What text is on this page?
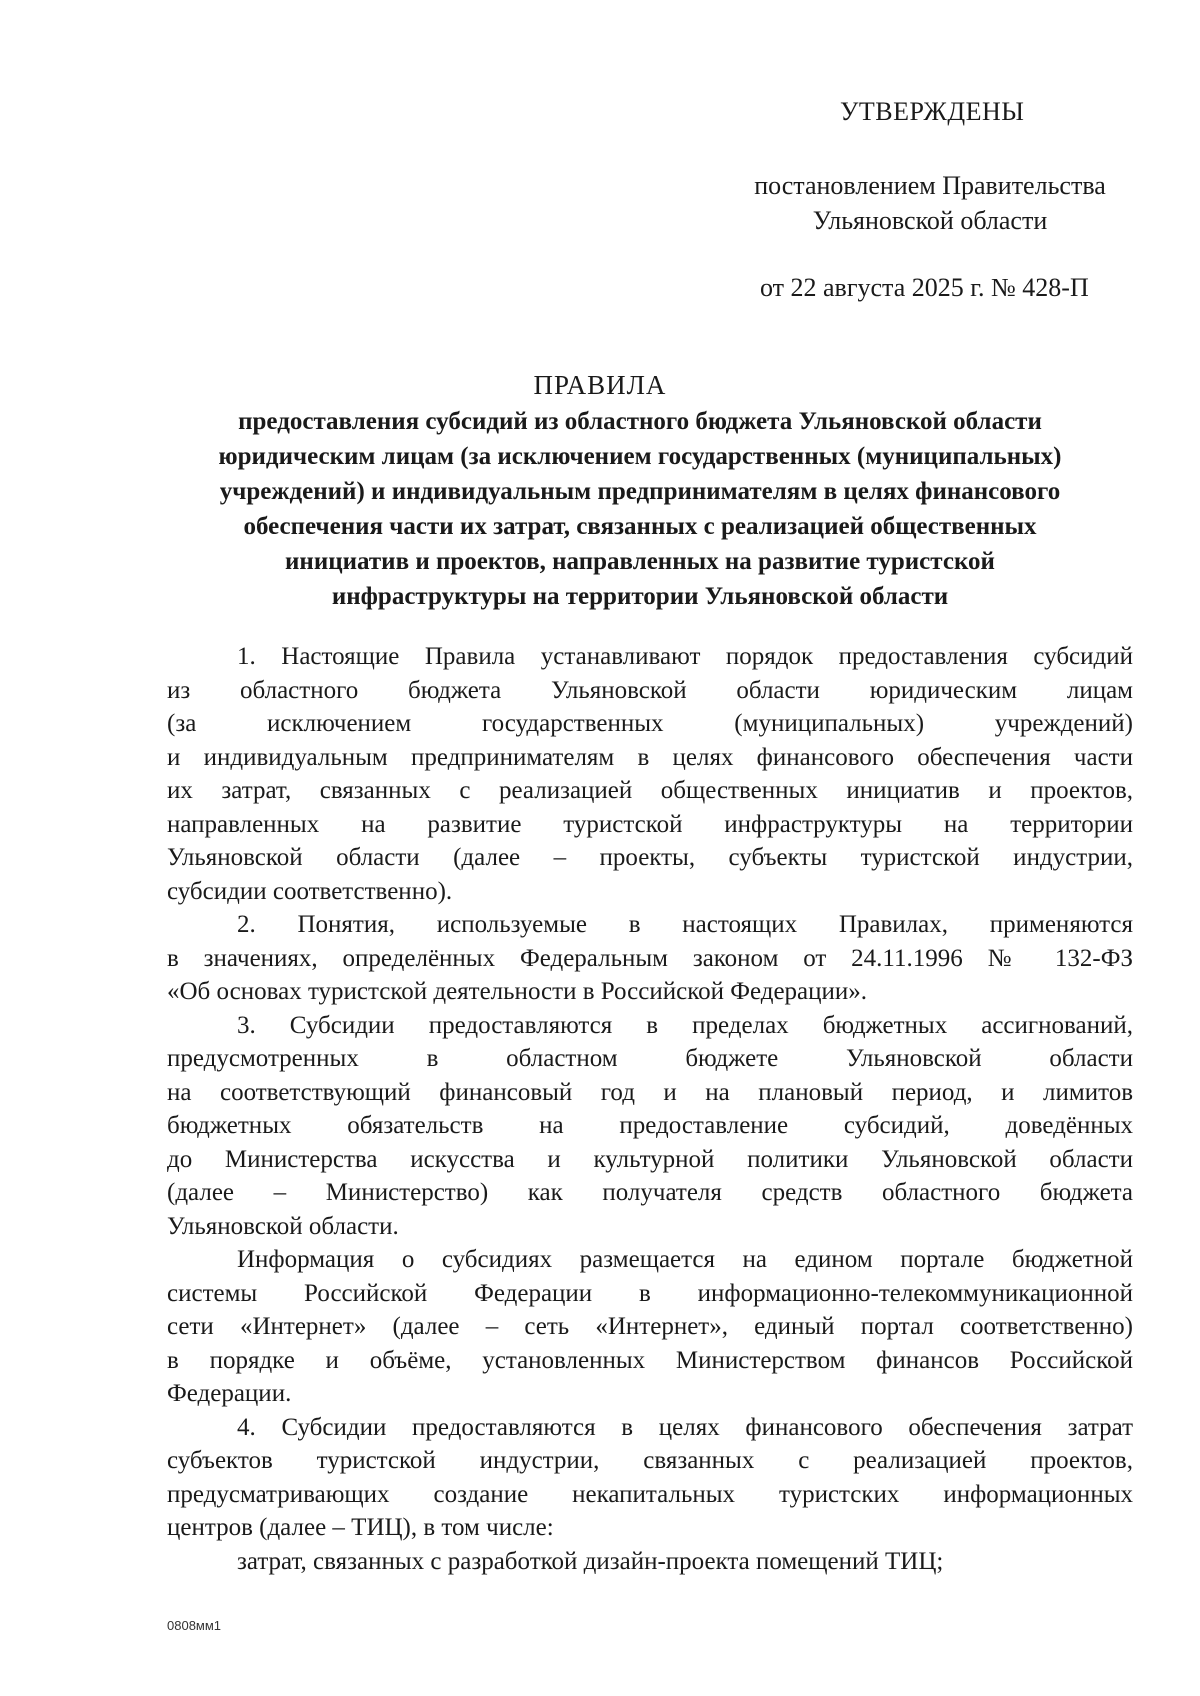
УТВЕРЖДЕНЫ
постановлением Правительства
Ульяновской области
от 22 августа 2025 г. № 428-П
ПРАВИЛА
предоставления субсидий из областного бюджета Ульяновской области
юридическим лицам (за исключением государственных (муниципальных)
учреждений) и индивидуальным предпринимателям в целях финансового
обеспечения части их затрат, связанных с реализацией общественных
инициатив и проектов, направленных на развитие туристской
инфраструктуры на территории Ульяновской области
1. Настоящие Правила устанавливают порядок предоставления субсидий
из областного бюджета Ульяновской области юридическим лицам
(за исключением государственных (муниципальных) учреждений)
и индивидуальным предпринимателям в целях финансового обеспечения части
их затрат, связанных с реализацией общественных инициатив и проектов,
направленных на развитие туристской инфраструктуры на территории
Ульяновской области (далее – проекты, субъекты туристской индустрии,
субсидии соответственно).
2. Понятия, используемые в настоящих Правилах, применяются
в значениях, определённых Федеральным законом от 24.11.1996 № 132-ФЗ
«Об основах туристской деятельности в Российской Федерации».
3. Субсидии предоставляются в пределах бюджетных ассигнований,
предусмотренных в областном бюджете Ульяновской области
на соответствующий финансовый год и на плановый период, и лимитов
бюджетных обязательств на предоставление субсидий, доведённых
до Министерства искусства и культурной политики Ульяновской области
(далее – Министерство) как получателя средств областного бюджета
Ульяновской области.
Информация о субсидиях размещается на едином портале бюджетной
системы Российской Федерации в информационно-телекоммуникационной
сети «Интернет» (далее – сеть «Интернет», единый портал соответственно)
в порядке и объёме, установленных Министерством финансов Российской
Федерации.
4. Субсидии предоставляются в целях финансового обеспечения затрат
субъектов туристской индустрии, связанных с реализацией проектов,
предусматривающих создание некапитальных туристских информационных
центров (далее – ТИЦ), в том числе:
затрат, связанных с разработкой дизайн-проекта помещений ТИЦ;
0808мм1
